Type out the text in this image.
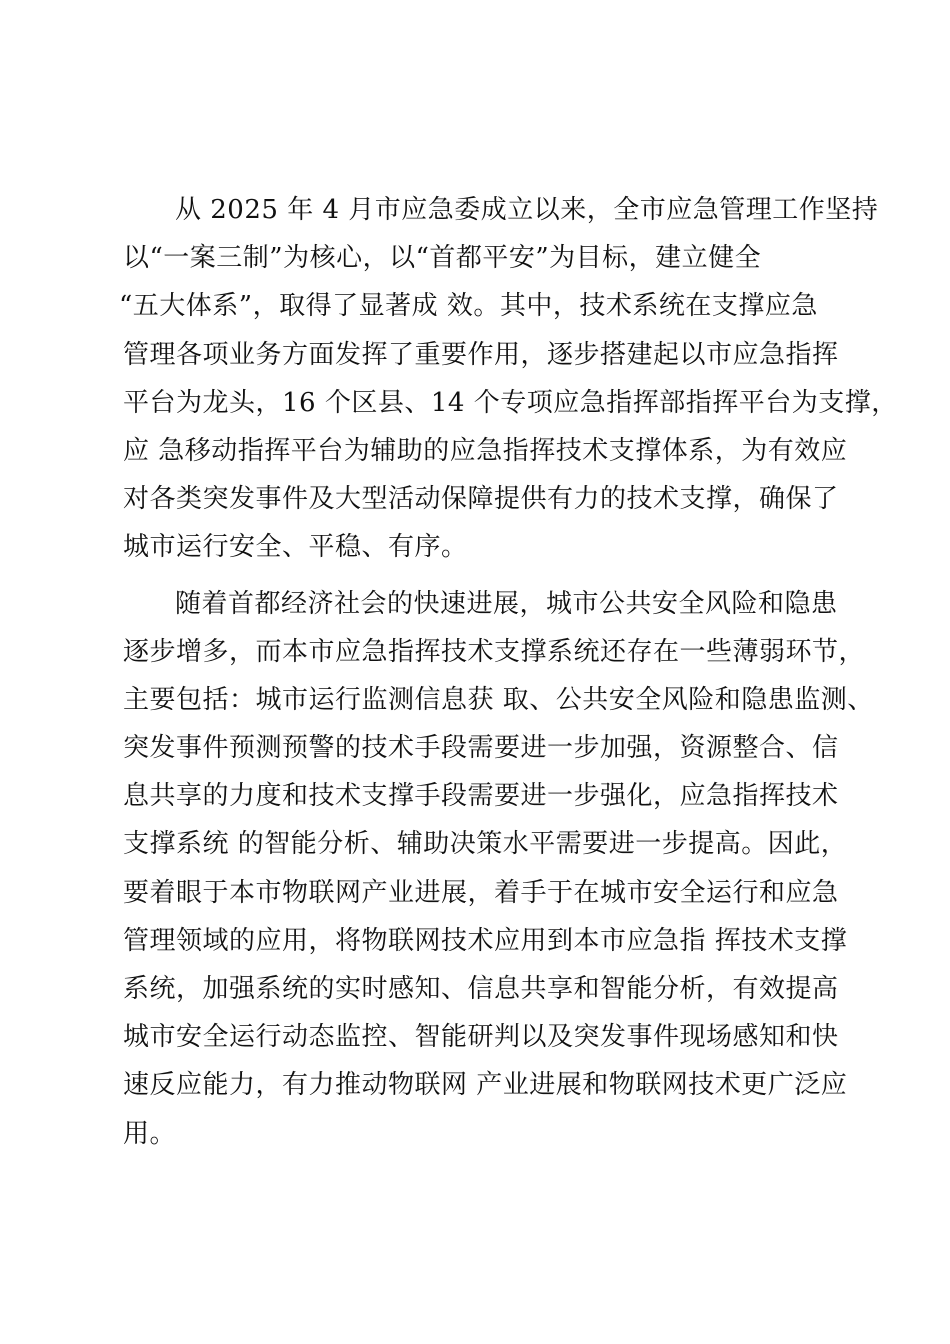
从 2025 年 4 月市应急委成立以来，全市应急管理工作坚持
以“一案三制”为核心，以“首都平安”为目标，建立健全
“五大体系”，取得了显著成 效。其中，技术系统在支撑应急
管理各项业务方面发挥了重要作用，逐步搭建起以市应急指挥
平台为龙头，16 个区县、14 个专项应急指挥部指挥平台为支撑，
应 急移动指挥平台为辅助的应急指挥技术支撑体系，为有效应
对各类突发事件及大型活动保障提供有力的技术支撑，确保了
城市运行安全、平稳、有序。
随着首都经济社会的快速进展，城市公共安全风险和隐患
逐步增多，而本市应急指挥技术支撑系统还存在一些薄弱环节，
主要包括：城市运行监测信息获 取、公共安全风险和隐患监测、
突发事件预测预警的技术手段需要进一步加强，资源整合、信
息共享的力度和技术支撑手段需要进一步强化，应急指挥技术
支撑系统 的智能分析、辅助决策水平需要进一步提高。因此，
要着眼于本市物联网产业进展，着手于在城市安全运行和应急
管理领域的应用，将物联网技术应用到本市应急指 挥技术支撑
系统，加强系统的实时感知、信息共享和智能分析，有效提高
城市安全运行动态监控、智能研判以及突发事件现场感知和快
速反应能力，有力推动物联网 产业进展和物联网技术更广泛应
用。
